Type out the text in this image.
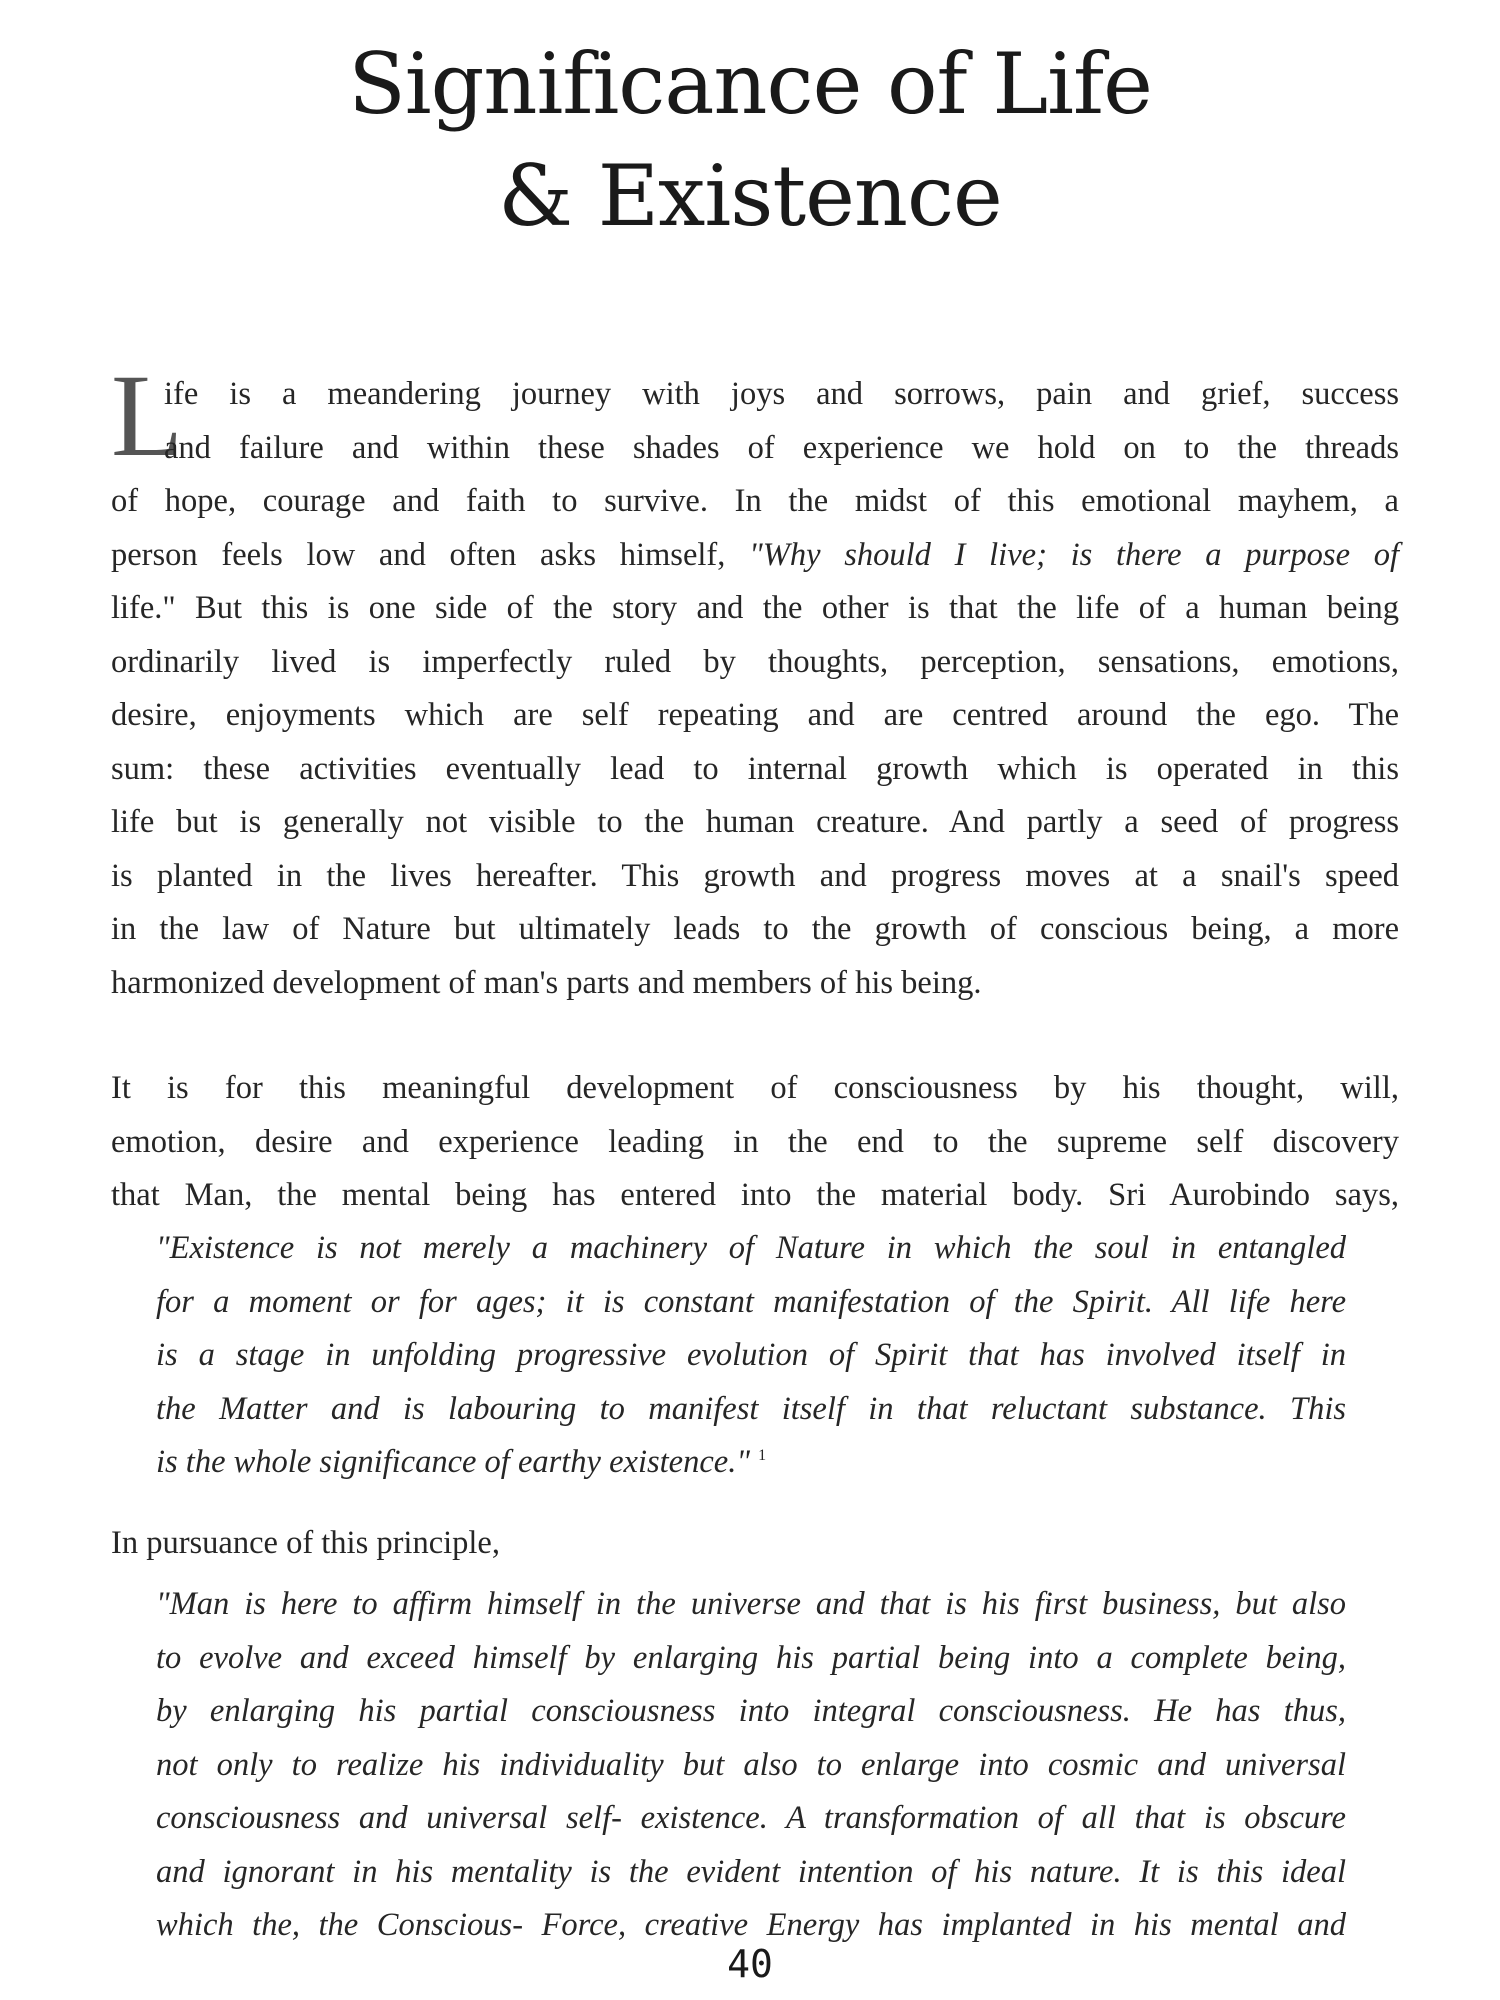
Significance of Life
& Existence
L
ife is a meandering journey with joys and sorrows, pain and grief, success
and failure and within these shades of experience we hold on to the threads
of hope, courage and faith to survive. In the midst of this emotional mayhem, a
person feels low and often asks himself, "Why should I live; is there a purpose of
life." But this is one side of the story and the other is that the life of a human being
ordinarily lived is imperfectly ruled by thoughts, perception, sensations, emotions,
desire, enjoyments which are self repeating and are centred around the ego. The
sum: these activities eventually lead to internal growth which is operated in this
life but is generally not visible to the human creature. And partly a seed of progress
is planted in the lives hereafter. This growth and progress moves at a snail's speed
in the law of Nature but ultimately leads to the growth of conscious being, a more
harmonized development of man's parts and members of his being.
It is for this meaningful development of consciousness by his thought, will,
emotion, desire and experience leading in the end to the supreme self discovery
that Man, the mental being has entered into the material body. Sri Aurobindo says,
"Existence is not merely a machinery of Nature in which the soul in entangled
for a moment or for ages; it is constant manifestation of the Spirit. All life here
is a stage in unfolding progressive evolution of Spirit that has involved itself in
the Matter and is labouring to manifest itself in that reluctant substance. This
is the whole significance of earthy existence." $^1$
In pursuance of this principle,
"Man is here to affirm himself in the universe and that is his first business, but also
to evolve and exceed himself by enlarging his partial being into a complete being,
by enlarging his partial consciousness into integral consciousness. He has thus,
not only to realize his individuality but also to enlarge into cosmic and universal
consciousness and universal self- existence. A transformation of all that is obscure
and ignorant in his mentality is the evident intention of his nature. It is this ideal
which the, the Conscious- Force, creative Energy has implanted in his mental and
40
